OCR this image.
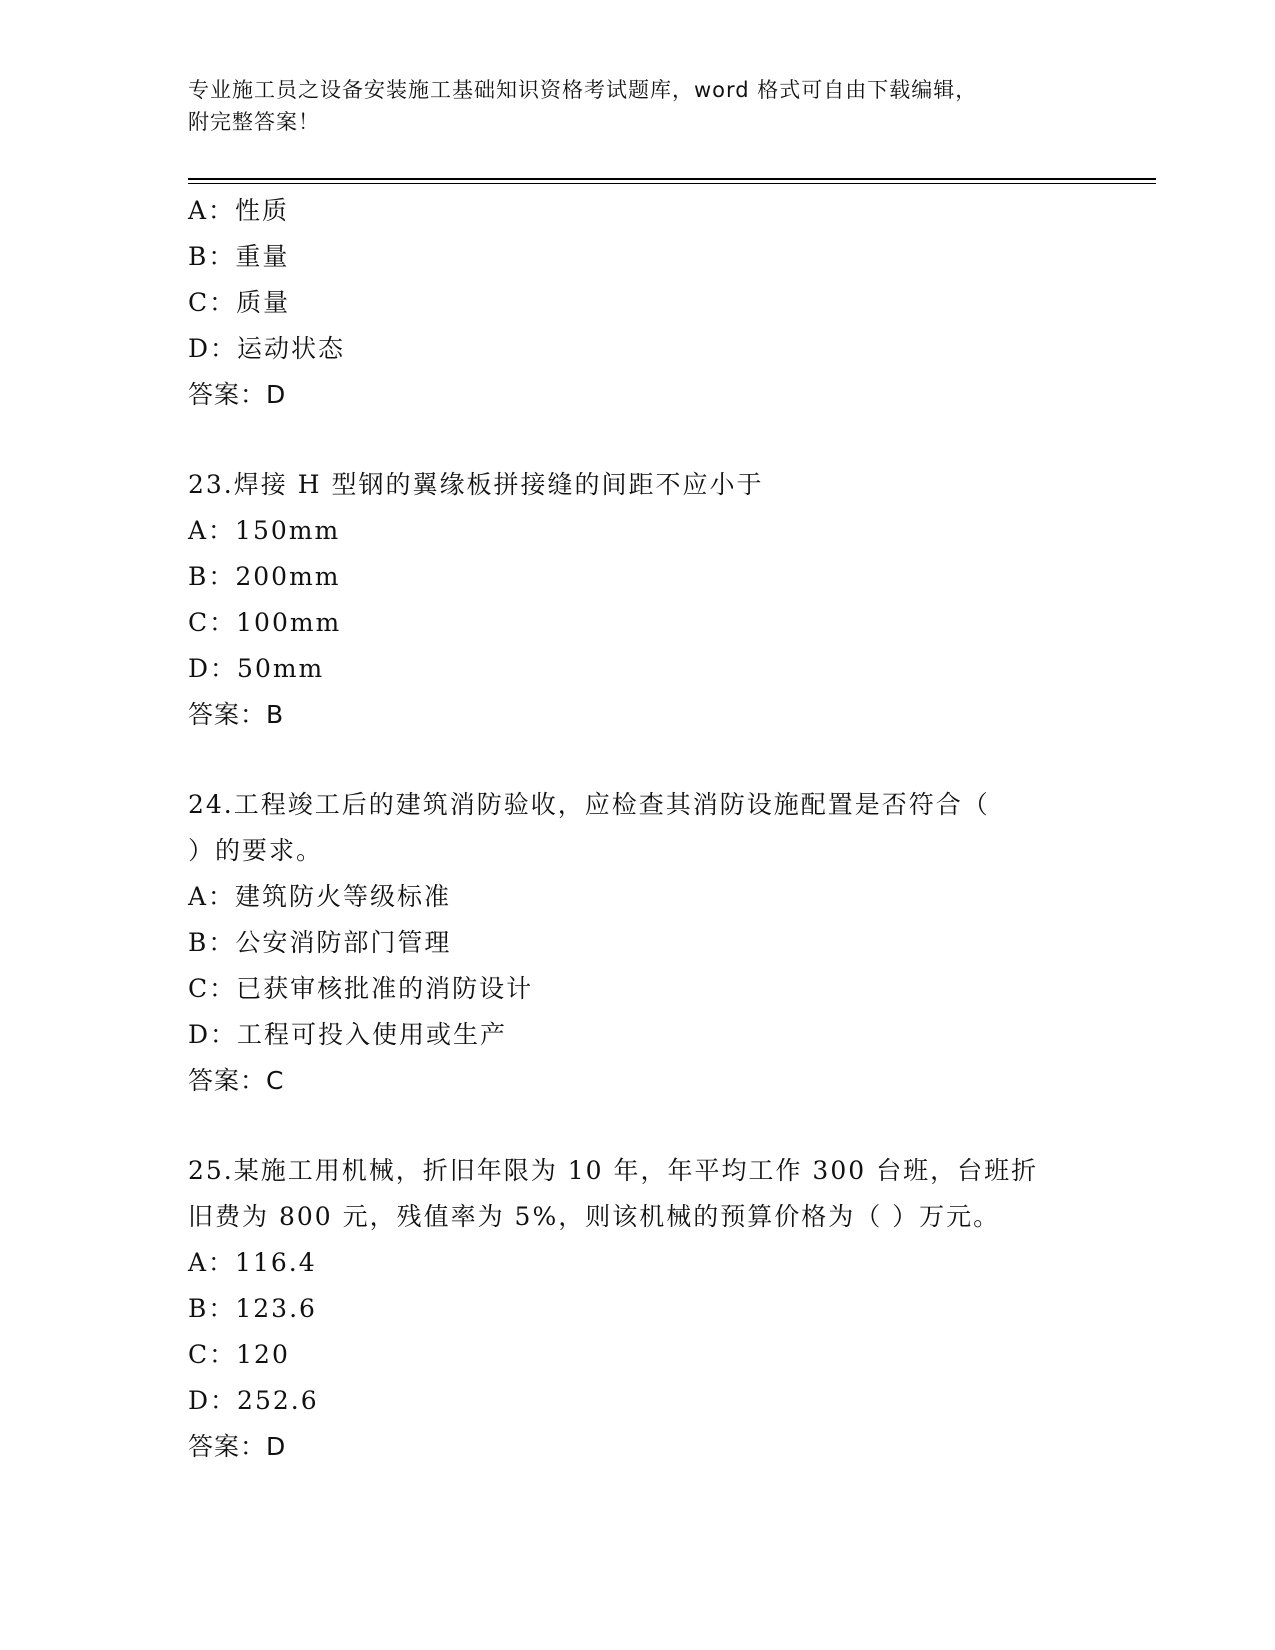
专业施工员之设备安装施工基础知识资格考试题库，word 格式可自由下载编辑，
附完整答案！
A：性质
B：重量
C：质量
D：运动状态
答案：D
23.焊接 H 型钢的翼缘板拼接缝的间距不应小于
A：150mm
B：200mm
C：100mm
D：50mm
答案：B
24.工程竣工后的建筑消防验收，应检查其消防设施配置是否符合（
）的要求。
A：建筑防火等级标准
B：公安消防部门管理
C：已获审核批准的消防设计
D：工程可投入使用或生产
答案：C
25.某施工用机械，折旧年限为 10 年，年平均工作 300 台班，台班折
旧费为 800 元，残值率为 5%，则该机械的预算价格为（ ）万元。
A：116.4
B：123.6
C：120
D：252.6
答案：D
